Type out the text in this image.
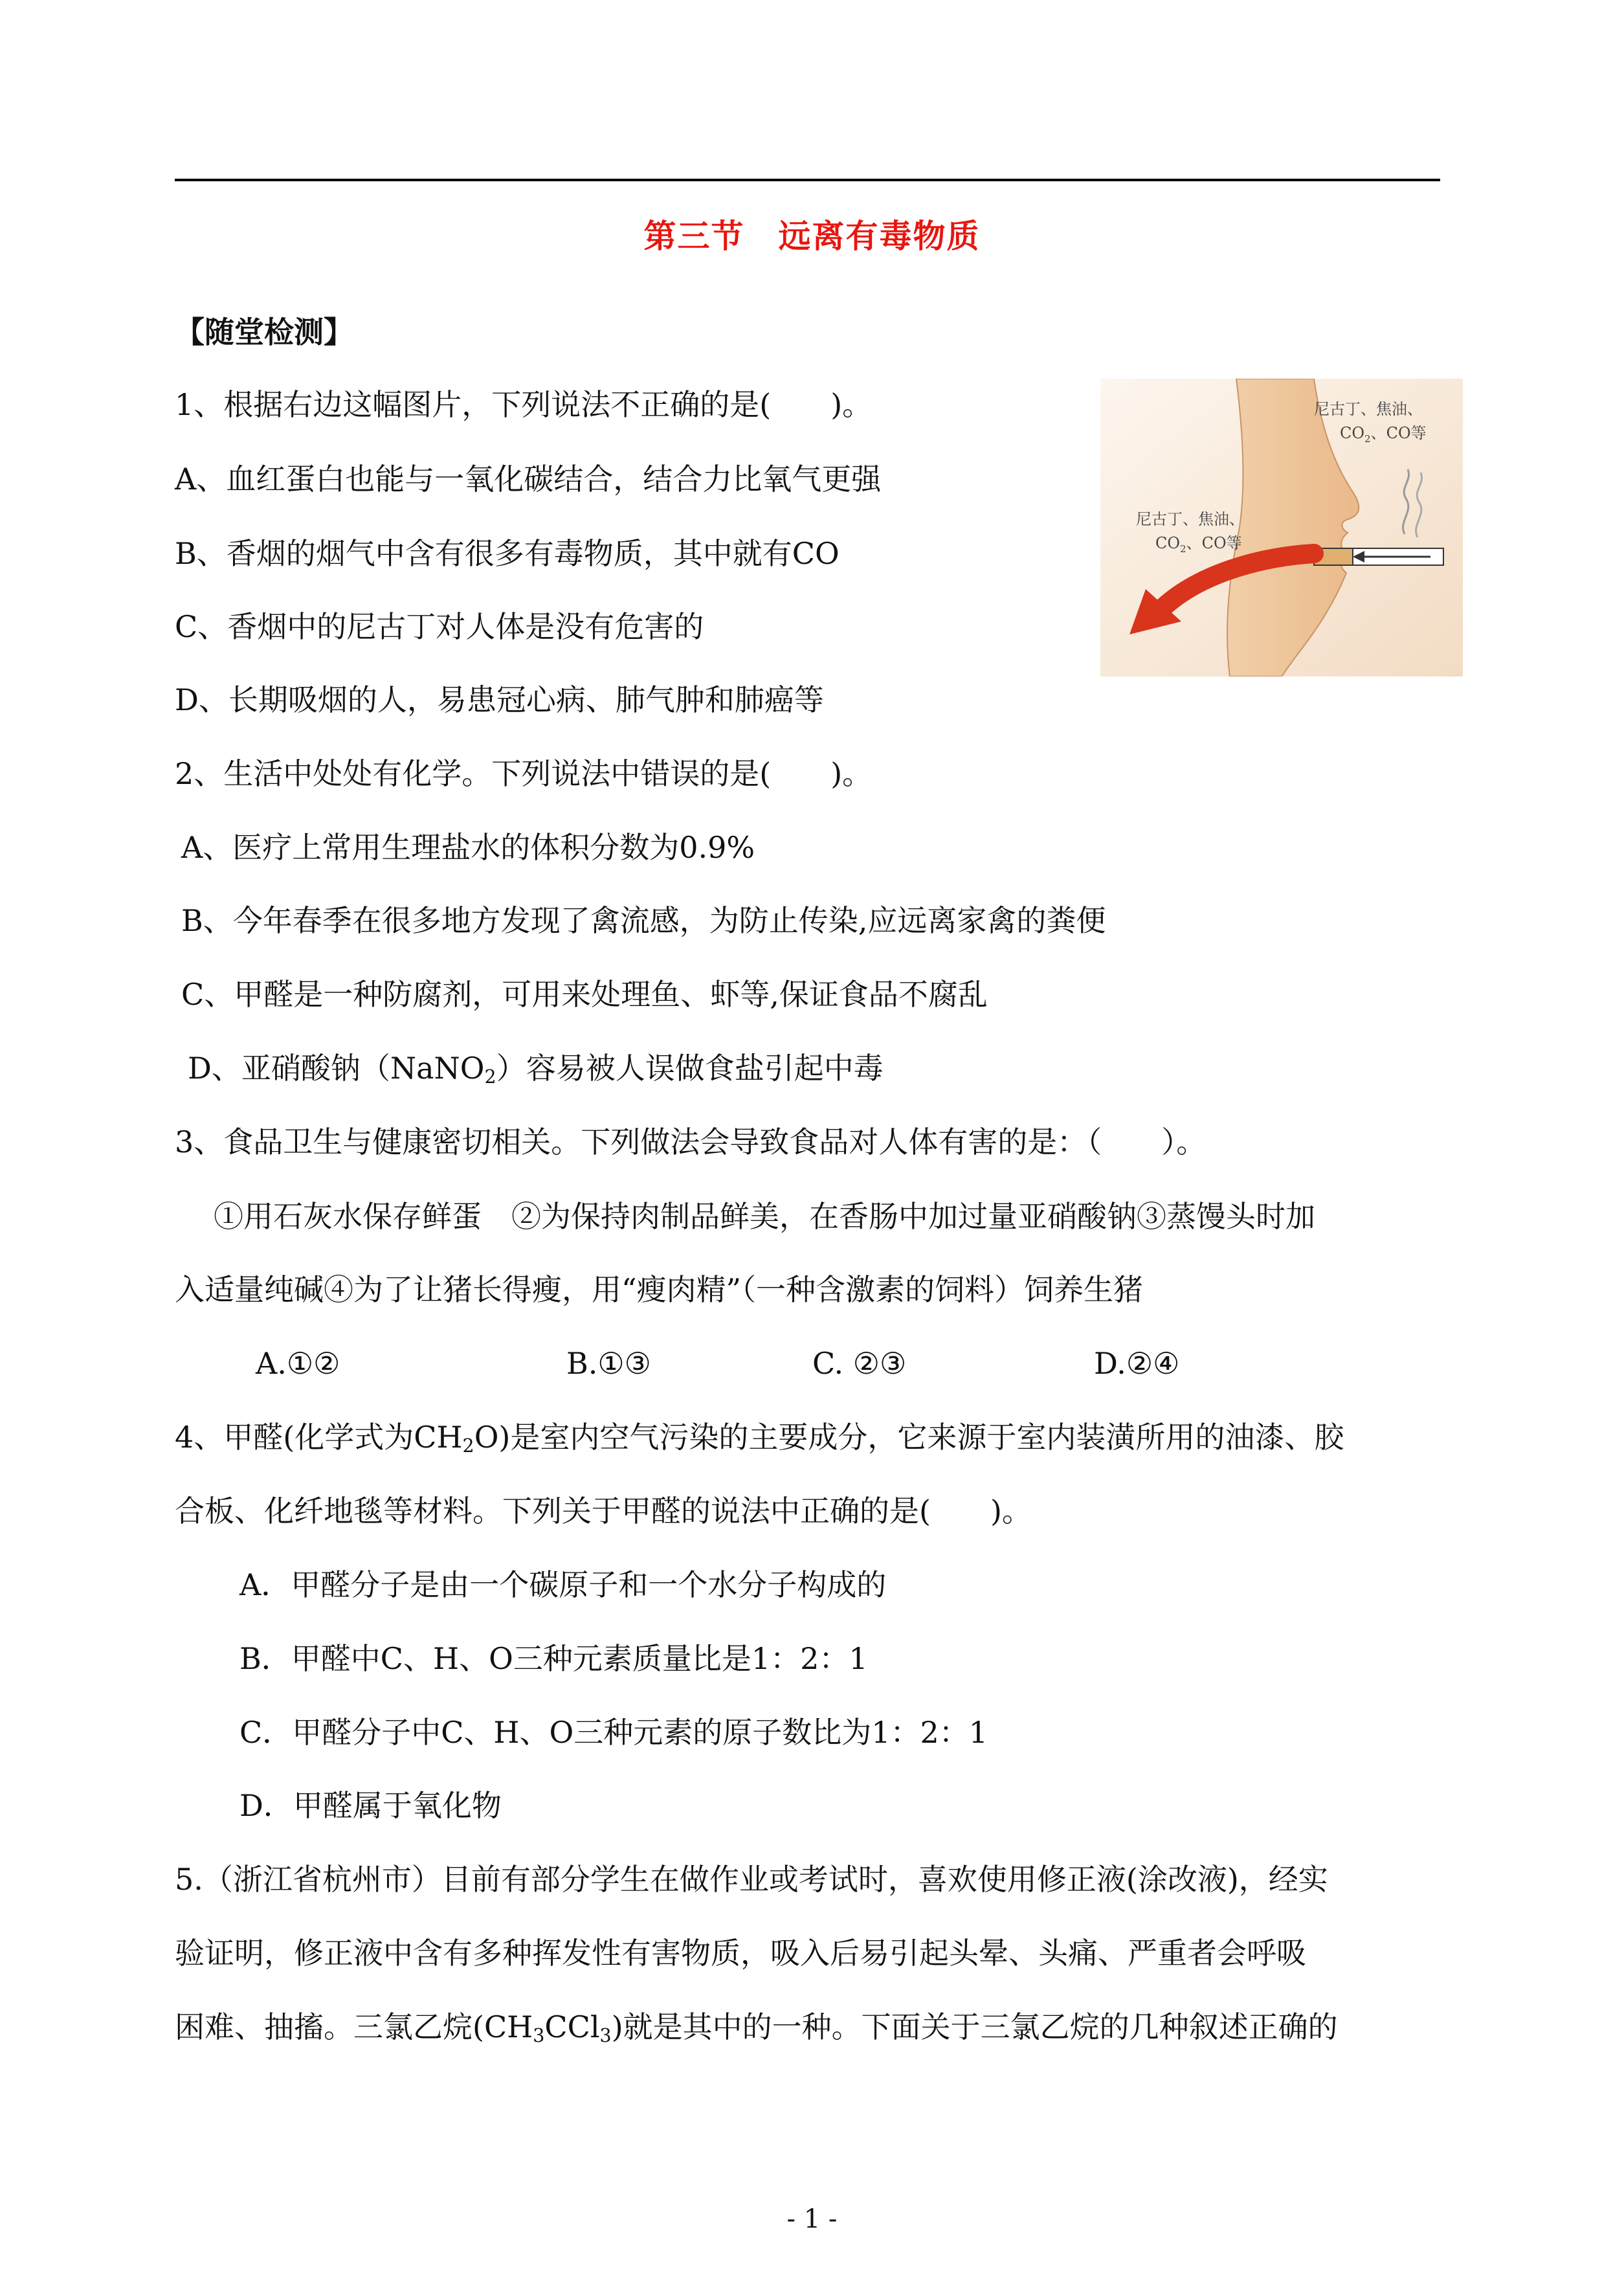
第三节　远离有毒物质
【随堂检测】
1、根据右边这幅图片，下列说法不正确的是(　　)。
A、血红蛋白也能与一氧化碳结合，结合力比氧气更强
B、香烟的烟气中含有很多有毒物质，其中就有CO
C、香烟中的尼古丁对人体是没有危害的
D、长期吸烟的人，易患冠心病、肺气肿和肺癌等
尼古丁、焦油、
$CO_2$、CO等
尼古丁、焦油、
$CO_2$、CO等
2、生活中处处有化学。下列说法中错误的是(　　)。
A、医疗上常用生理盐水的体积分数为0.9%
B、今年春季在很多地方发现了禽流感，为防止传染,应远离家禽的粪便
C、甲醛是一种防腐剂，可用来处理鱼、虾等,保证食品不腐乱
D、亚硝酸钠（NaNO$_2$）容易被人误做食盐引起中毒
3、食品卫生与健康密切相关。下列做法会导致食品对人体有害的是：（　　）。
①用石灰水保存鲜蛋　②为保持肉制品鲜美，在香肠中加过量亚硝酸钠③蒸馒头时加
入适量纯碱④为了让猪长得瘦，用“瘦肉精”（一种含激素的饲料）饲养生猪
A.①②	B.①③	C. ②③	D.②④
4、甲醛(化学式为$CH_2O$)是室内空气污染的主要成分，它来源于室内装潢所用的油漆、胶
合板、化纤地毯等材料。下列关于甲醛的说法中正确的是(　　)。
A．甲醛分子是由一个碳原子和一个水分子构成的
B．甲醛中C、H、O三种元素质量比是1：2：1
C．甲醛分子中C、H、O三种元素的原子数比为1：2：1
D．甲醛属于氧化物
5.（浙江省杭州市）目前有部分学生在做作业或考试时，喜欢使用修正液(涂改液)，经实
验证明，修正液中含有多种挥发性有害物质，吸入后易引起头晕、头痛、严重者会呼吸
困难、抽搐。三氯乙烷$(CH_3CCl_3)$就是其中的一种。下面关于三氯乙烷的几种叙述正确的
- 1 -
